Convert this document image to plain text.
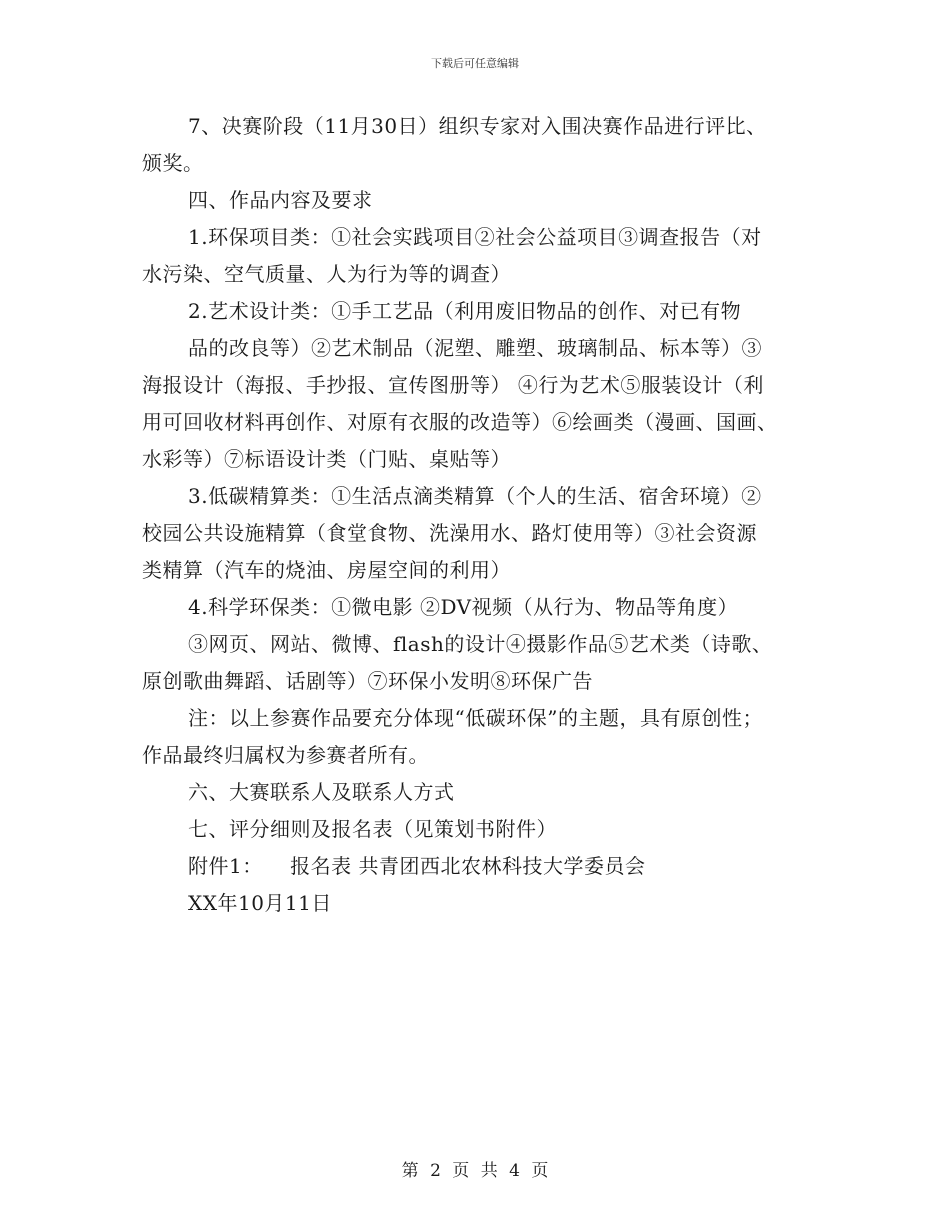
下载后可任意编辑
7、决赛阶段（11月30日）组织专家对入围决赛作品进行评比、
颁奖。
四、作品内容及要求
1.环保项目类：①社会实践项目②社会公益项目③调查报告（对
水污染、空气质量、人为行为等的调查）
2.艺术设计类：①手工艺品（利用废旧物品的创作、对已有物
品的改良等）②艺术制品（泥塑、雕塑、玻璃制品、标本等）③
海报设计（海报、手抄报、宣传图册等） ④行为艺术⑤服装设计（利
用可回收材料再创作、对原有衣服的改造等）⑥绘画类（漫画、国画、
水彩等）⑦标语设计类（门贴、桌贴等）
3.低碳精算类：①生活点滴类精算（个人的生活、宿舍环境）②
校园公共设施精算（食堂食物、洗澡用水、路灯使用等）③社会资源
类精算（汽车的烧油、房屋空间的利用）
4.科学环保类：①微电影 ②DV视频（从行为、物品等角度）
③网页、网站、微博、flash的设计④摄影作品⑤艺术类（诗歌、
原创歌曲舞蹈、话剧等）⑦环保小发明⑧环保广告
注：以上参赛作品要充分体现“低碳环保”的主题，具有原创性；
作品最终归属权为参赛者所有。
六、大赛联系人及联系人方式
七、评分细则及报名表（见策划书附件）
附件1：    报名表 共青团西北农林科技大学委员会
XX年10月11日
第 2 页 共 4 页
